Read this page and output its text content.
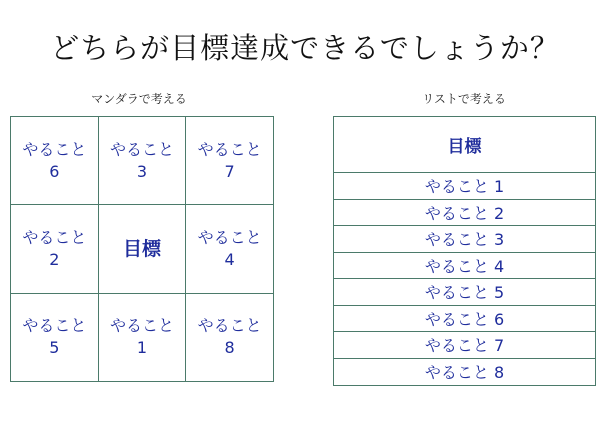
どちらが目標達成できるでしょうか？
マンダラで考える	リストで考える
やること
6
やること
3
やること
7
やること
2	目標
やること
4
やること
5
やること
1
やること
8
目標
やること 1
やること 2
やること 3
やること 4
やること 5
やること 6
やること 7
やること 8
